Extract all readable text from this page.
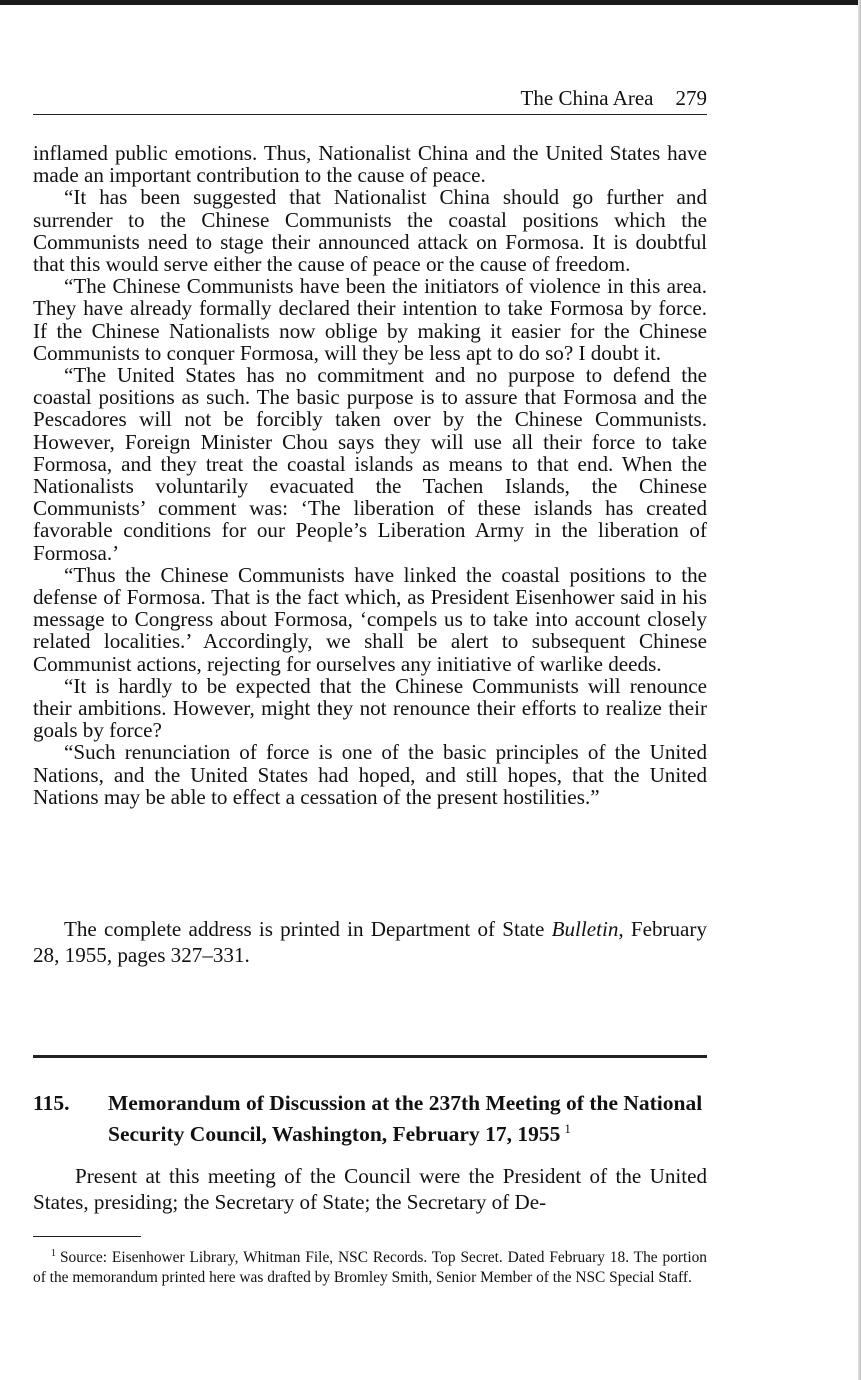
The China Area 279

inflamed public emotions. Thus, Nationalist China and the United States have made an important contribution to the cause of peace.

“It has been suggested that Nationalist China should go further and surrender to the Chinese Communists the coastal positions which the Communists need to stage their announced attack on Formosa. It is doubtful that this would serve either the cause of peace or the cause of freedom.

“The Chinese Communists have been the initiators of violence in this area. They have already formally declared their intention to take Formosa by force. If the Chinese Nationalists now oblige by making it easier for the Chinese Communists to conquer Formosa, will they be less apt to do so? I doubt it.

“The United States has no commitment and no purpose to defend the coastal positions as such. The basic purpose is to assure that Formosa and the Pescadores will not be forcibly taken over by the Chinese Communists. However, Foreign Minister Chou says they will use all their force to take Formosa, and they treat the coastal islands as means to that end. When the Nationalists voluntarily evacuated the Tachen Islands, the Chinese Communists’ comment was: ‘The liberation of these islands has created favorable conditions for our People’s Liberation Army in the liberation of Formosa.’

“Thus the Chinese Communists have linked the coastal positions to the defense of Formosa. That is the fact which, as President Eisenhower said in his message to Congress about Formosa, ‘compels us to take into account closely related localities.’ Accordingly, we shall be alert to subsequent Chinese Communist actions, rejecting for ourselves any initiative of warlike deeds.

“It is hardly to be expected that the Chinese Communists will renounce their ambitions. However, might they not renounce their efforts to realize their goals by force?

“Such renunciation of force is one of the basic principles of the United Nations, and the United States had hoped, and still hopes, that the United Nations may be able to effect a cessation of the present hostilities.”

The complete address is printed in Department of State Bulletin, February 28, 1955, pages 327–331.

115. Memorandum of Discussion at the 237th Meeting of the National Security Council, Washington, February 17, 1955 $^1$

Present at this meeting of the Council were the President of the United States, presiding; the Secretary of State; the Secretary of De-

$^1$ Source: Eisenhower Library, Whitman File, NSC Records. Top Secret. Dated February 18. The portion of the memorandum printed here was drafted by Bromley Smith, Senior Member of the NSC Special Staff.
